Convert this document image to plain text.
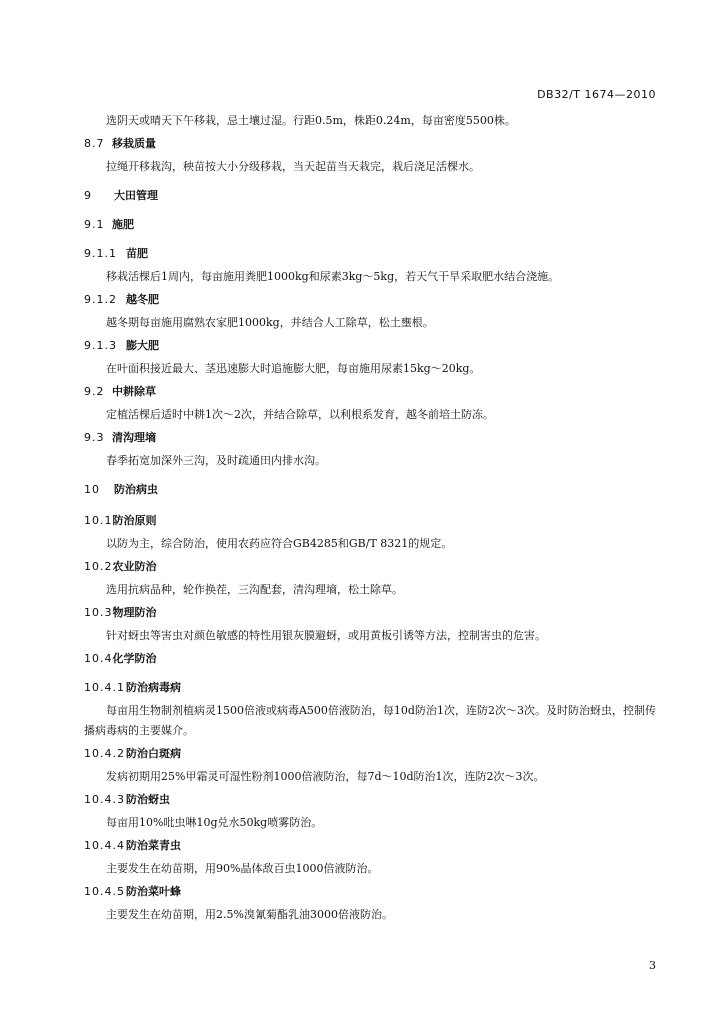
DB32/T 1674—2010

选阴天或晴天下午移栽，忌土壤过湿。行距0.5m，株距0.24m，每亩密度5500株。

8.7 移栽质量

拉绳开移栽沟，秧苗按大小分级移栽，当天起苗当天栽完，栽后浇足活棵水。

9 大田管理

9.1 施肥

9.1.1 苗肥

移栽活棵后1周内，每亩施用粪肥1000kg和尿素3kg～5kg，若天气干旱采取肥水结合浇施。

9.1.2 越冬肥

越冬期每亩施用腐熟农家肥1000kg，并结合人工除草，松土壅根。

9.1.3 膨大肥

在叶面积接近最大、茎迅速膨大时追施膨大肥，每亩施用尿素15kg～20kg。

9.2 中耕除草

定植活棵后适时中耕1次～2次，并结合除草，以利根系发育，越冬前培土防冻。

9.3 清沟理墒

春季拓宽加深外三沟，及时疏通田内排水沟。

10 防治病虫

10.1防治原则

以防为主，综合防治，使用农药应符合GB4285和GB/T 8321的规定。

10.2农业防治

选用抗病品种，轮作换茬，三沟配套，清沟理墒，松土除草。

10.3物理防治

针对蚜虫等害虫对颜色敏感的特性用银灰膜避蚜，或用黄板引诱等方法，控制害虫的危害。

10.4化学防治

10.4.1防治病毒病

每亩用生物制剂植病灵1500倍液或病毒A500倍液防治，每10d防治1次，连防2次～3次。及时防治蚜虫，控制传播病毒病的主要媒介。

10.4.2防治白斑病

发病初期用25%甲霜灵可湿性粉剂1000倍液防治，每7d～10d防治1次，连防2次～3次。

10.4.3防治蚜虫

每亩用10%吡虫啉10g兑水50kg喷雾防治。

10.4.4防治菜青虫

主要发生在幼苗期，用90%晶体敌百虫1000倍液防治。

10.4.5防治菜叶蜂

主要发生在幼苗期，用2.5%溴氰菊酯乳油3000倍液防治。

3
